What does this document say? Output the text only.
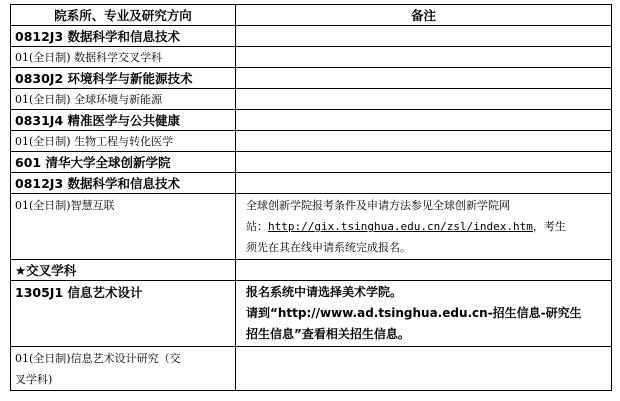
院系所、专业及研究方向	备注
0812J3 数据科学和信息技术	
01(全日制) 数据科学交叉学科	
0830J2 环境科学与新能源技术	
01(全日制) 全球环境与新能源	
0831J4 精准医学与公共健康	
01(全日制) 生物工程与转化医学	
601 清华大学全球创新学院	
0812J3 数据科学和信息技术	
01(全日制)智慧互联	全球创新学院报考条件及申请方法参见全球创新学院网
站：http://gix.tsinghua.edu.cn/zsl/index.htm，考生
须先在其在线申请系统完成报名。

★交叉学科	
1305J1 信息艺术设计	报名系统中请选择美术学院。
请到“http://www.ad.tsinghua.edu.cn-招生信息-研究生
招生信息”查看相关招生信息。

01(全日制)信息艺术设计研究（交
叉学科)	
